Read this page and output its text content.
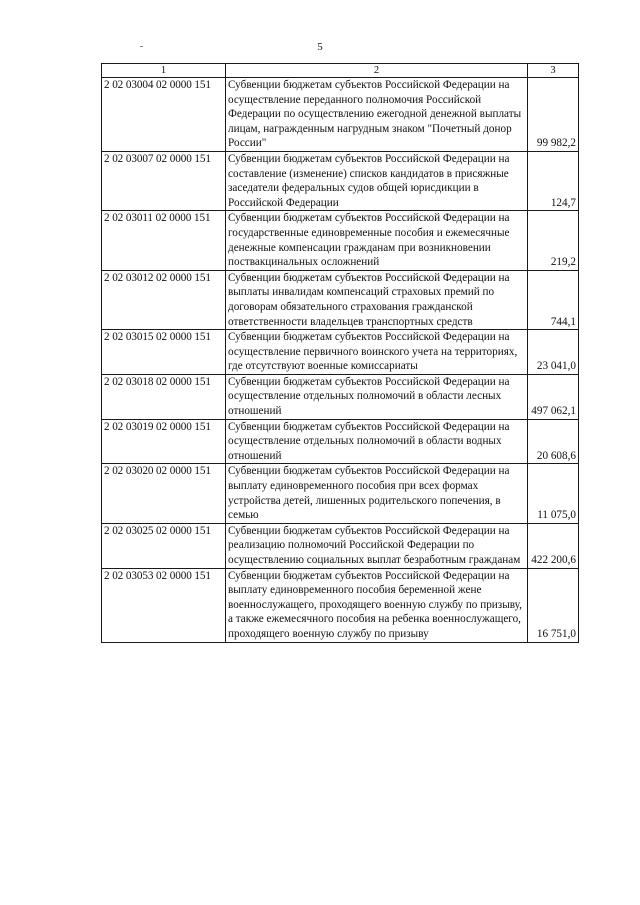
5
1	2	3
2 02 03004 02 0000 151	Субвенции бюджетам субъектов Российской Федерации на осуществление переданного полномочия Российской Федерации по осуществлению ежегодной денежной выплаты лицам, награжденным нагрудным знаком "Почетный донор России"	99 982,2
2 02 03007 02 0000 151	Субвенции бюджетам субъектов Российской Федерации на составление (изменение) списков кандидатов в присяжные заседатели федеральных судов общей юрисдикции в Российской Федерации	124,7
2 02 03011 02 0000 151	Субвенции бюджетам субъектов Российской Федерации на государственные единовременные пособия и ежемесячные денежные компенсации гражданам при возникновении поствакцинальных осложнений	219,2
2 02 03012 02 0000 151	Субвенции бюджетам субъектов Российской Федерации на выплаты инвалидам компенсаций страховых премий по договорам обязательного страхования гражданской ответственности владельцев транспортных средств	744,1
2 02 03015 02 0000 151	Субвенции бюджетам субъектов Российской Федерации на осуществление первичного воинского учета на территориях, где отсутствуют военные комиссариаты	23 041,0
2 02 03018 02 0000 151	Субвенции бюджетам субъектов Российской Федерации на осуществление отдельных полномочий в области лесных отношений	497 062,1
2 02 03019 02 0000 151	Субвенции бюджетам субъектов Российской Федерации на осуществление отдельных полномочий в области водных отношений	20 608,6
2 02 03020 02 0000 151	Субвенции бюджетам субъектов Российской Федерации на выплату единовременного пособия при всех формах устройства детей, лишенных родительского попечения, в семью	11 075,0
2 02 03025 02 0000 151	Субвенции бюджетам субъектов Российской Федерации на реализацию полномочий Российской Федерации по осуществлению социальных выплат безработным гражданам	422 200,6
2 02 03053 02 0000 151	Субвенции бюджетам субъектов Российской Федерации на выплату единовременного пособия беременной жене военнослужащего, проходящего военную службу по призыву, а также ежемесячного пособия на ребенка военнослужащего, проходящего военную службу по призыву	16 751,0
